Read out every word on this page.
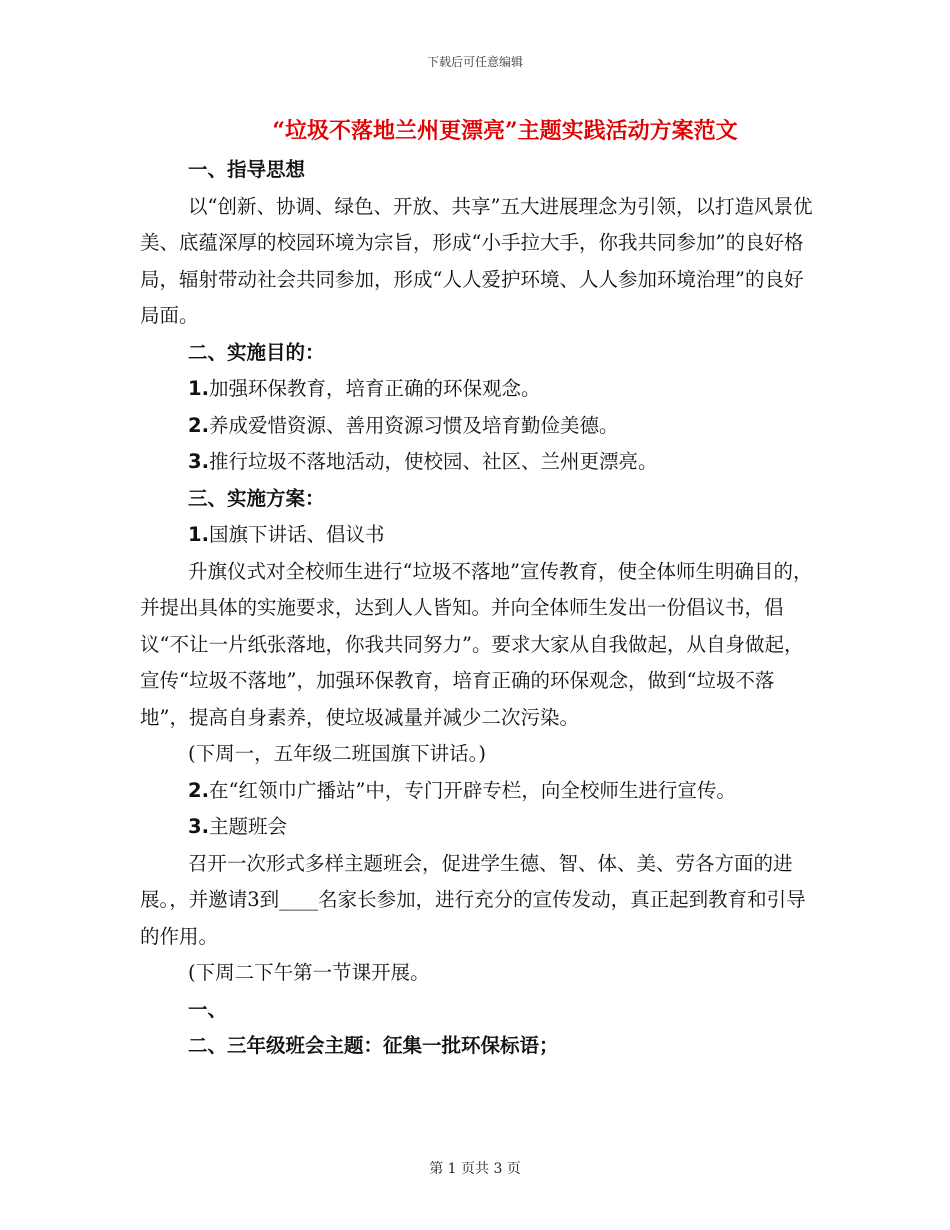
下载后可任意编辑
“垃圾不落地兰州更漂亮”主题实践活动方案范文

一、指导思想

以“创新、协调、绿色、开放、共享”五大进展理念为引领，以打造风景优美、底蕴深厚的校园环境为宗旨，形成“小手拉大手，你我共同参加”的良好格局，辐射带动社会共同参加，形成“人人爱护环境、人人参加环境治理”的良好局面。

二、实施目的：

1.加强环保教育，培育正确的环保观念。

2.养成爱惜资源、善用资源习惯及培育勤俭美德。

3.推行垃圾不落地活动，使校园、社区、兰州更漂亮。

三、实施方案：

1.国旗下讲话、倡议书

升旗仪式对全校师生进行“垃圾不落地”宣传教育，使全体师生明确目的，并提出具体的实施要求，达到人人皆知。并向全体师生发出一份倡议书，倡议“不让一片纸张落地，你我共同努力”。要求大家从自我做起，从自身做起，宣传“垃圾不落地”，加强环保教育，培育正确的环保观念，做到“垃圾不落地”，提高自身素养，使垃圾减量并减少二次污染。

(下周一，五年级二班国旗下讲话。)

2.在“红领巾广播站”中，专门开辟专栏，向全校师生进行宣传。

3.主题班会

召开一次形式多样主题班会，促进学生德、智、体、美、劳各方面的进展。，并邀请3到____名家长参加，进行充分的宣传发动，真正起到教育和引导的作用。

(下周二下午第一节课开展。

一、

二、三年级班会主题：征集一批环保标语；

第 1 页共 3 页
